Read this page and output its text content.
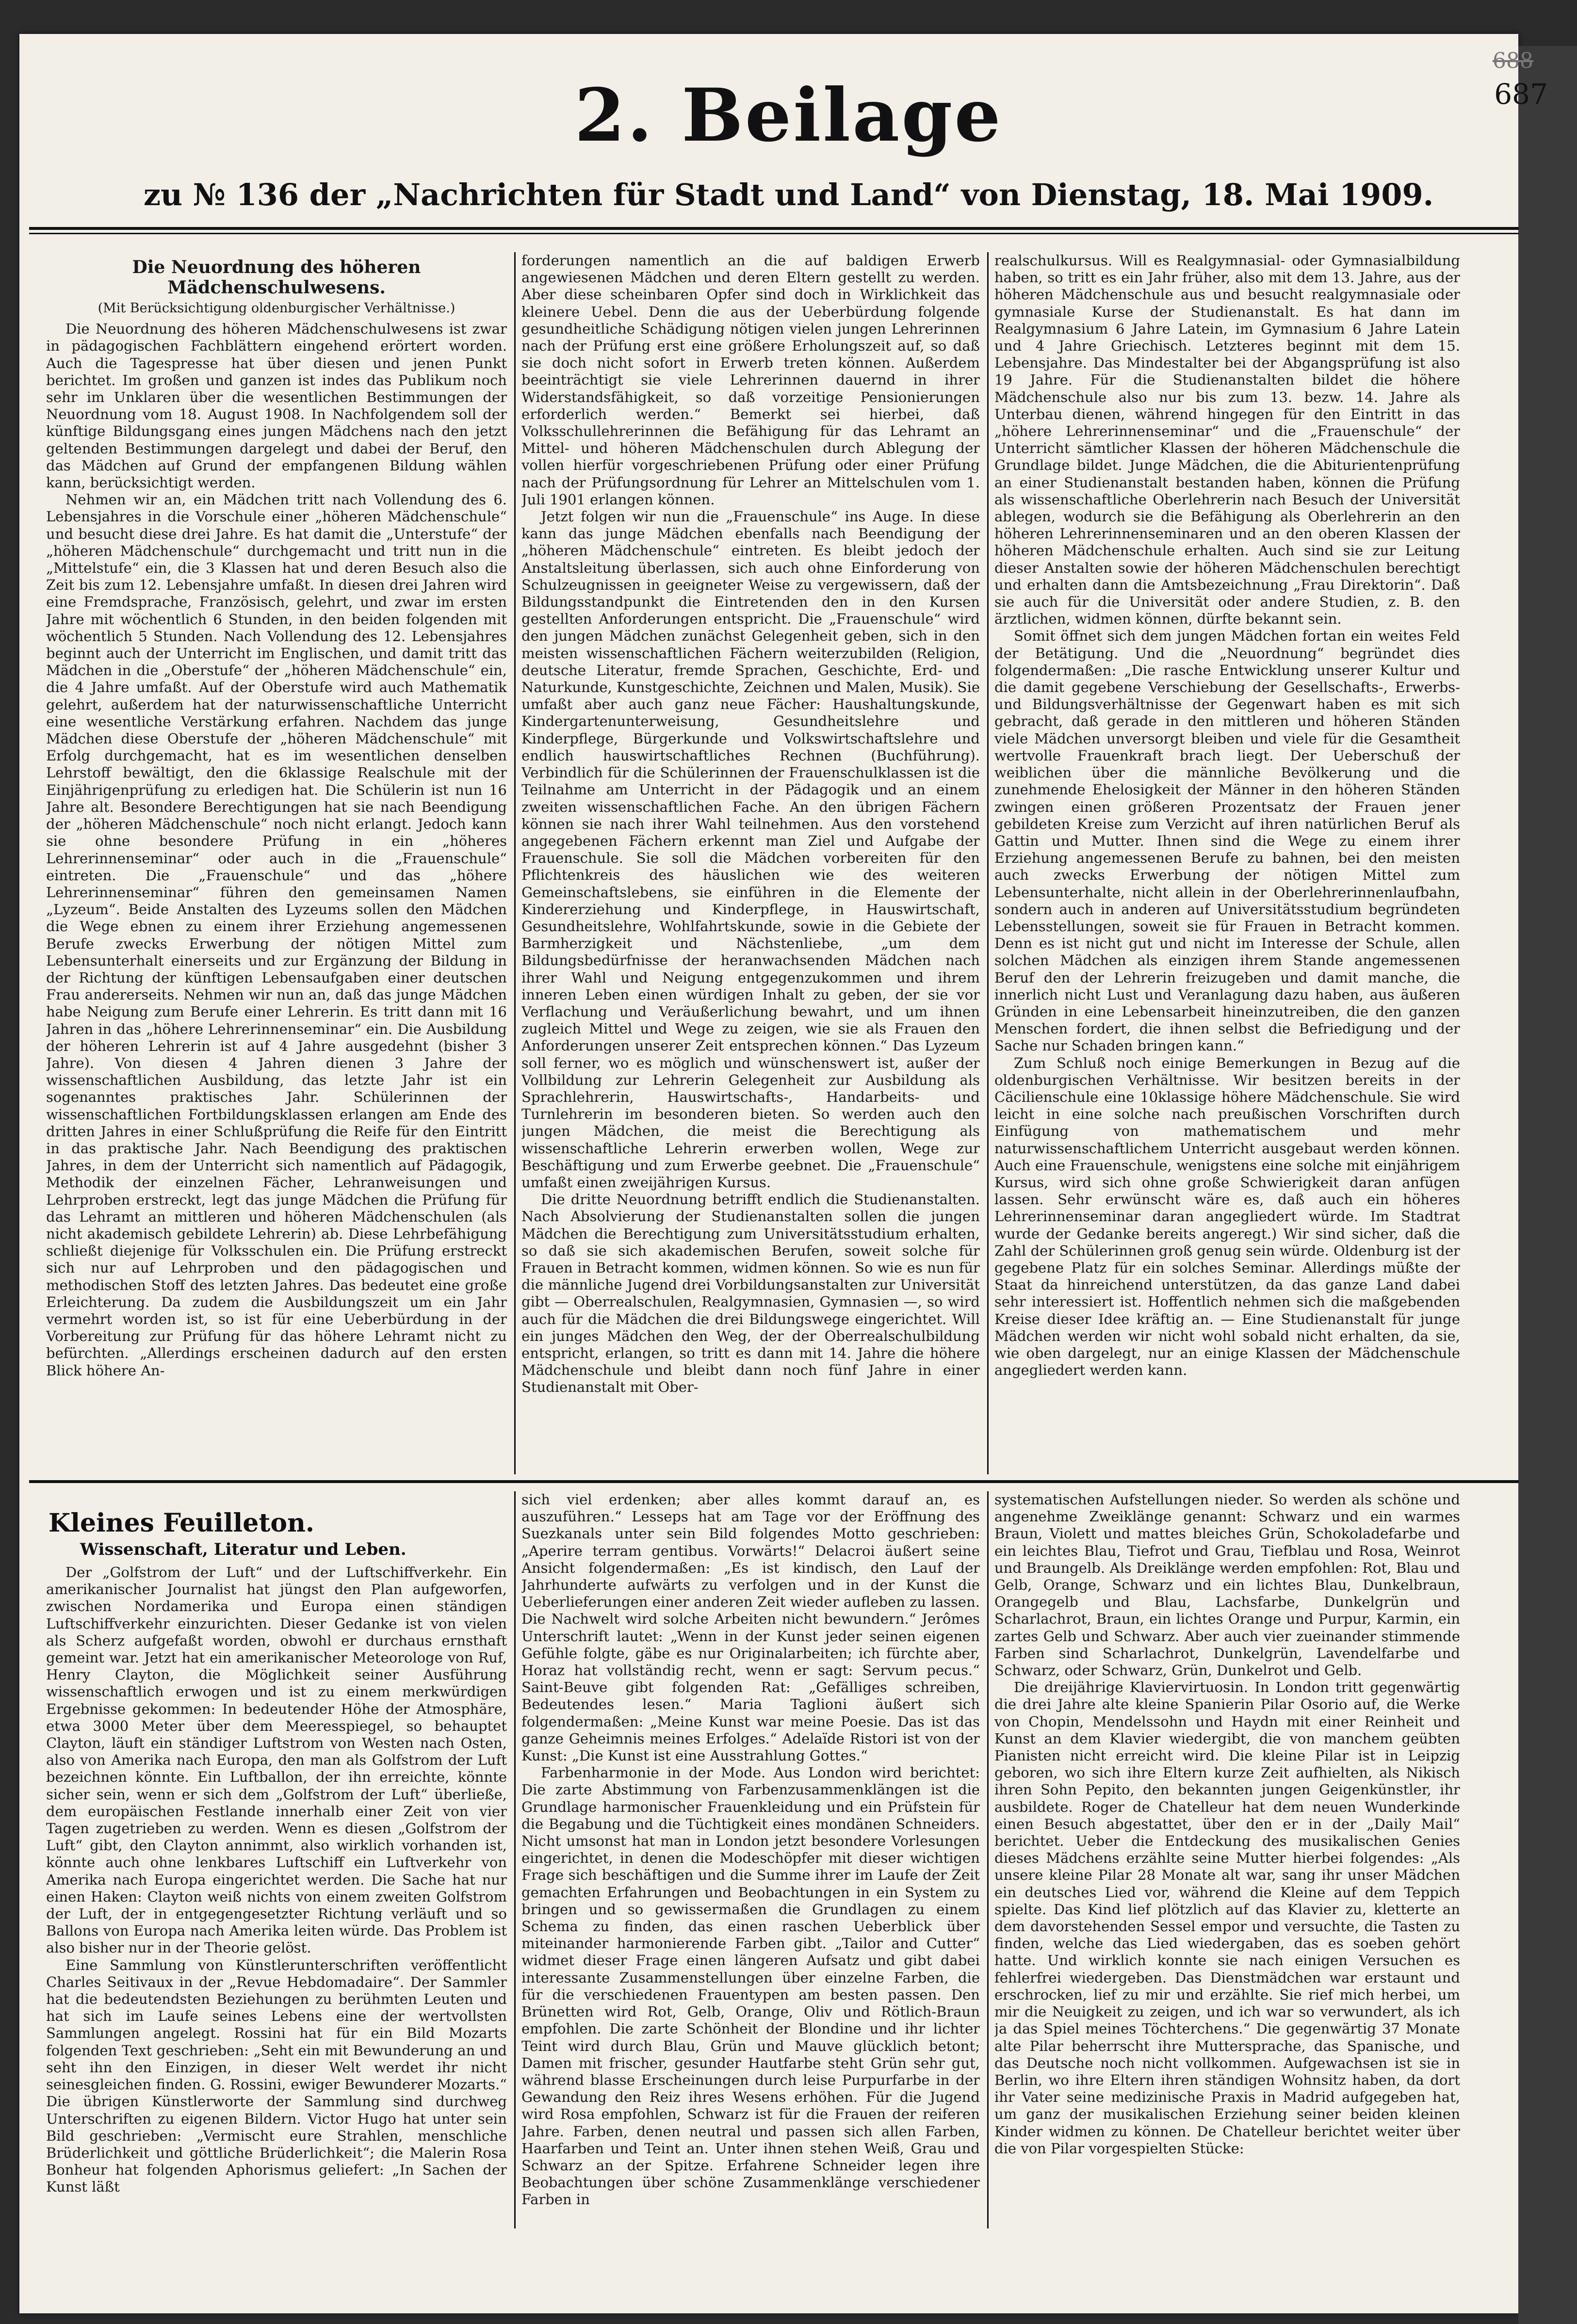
688
687
2. Beilage
zu № 136 der „Nachrichten für Stadt und Land“ von Dienstag, 18. Mai 1909.
Die Neuordnung des höheren Mädchenschulwesens.
(Mit Berücksichtigung oldenburgischer Verhältnisse.)

Die Neuordnung des höheren Mädchenschulwesens ist zwar in pädagogischen Fachblättern eingehend erörtert worden. Auch die Tagespresse hat über diesen und jenen Punkt berichtet. Im großen und ganzen ist indes das Publikum noch sehr im Unklaren über die wesentlichen Bestimmungen der Neuordnung vom 18. August 1908. In Nachfolgendem soll der künftige Bildungsgang eines jungen Mädchens nach den jetzt geltenden Bestimmungen dargelegt und dabei der Beruf, den das Mädchen auf Grund der empfangenen Bildung wählen kann, berücksichtigt werden.

Nehmen wir an, ein Mädchen tritt nach Vollendung des 6. Lebensjahres in die Vorschule einer „höheren Mädchenschule“ und besucht diese drei Jahre. Es hat damit die „Unterstufe“ der „höheren Mädchenschule“ durchgemacht und tritt nun in die „Mittelstufe“ ein, die 3 Klassen hat und deren Besuch also die Zeit bis zum 12. Lebensjahre umfaßt. In diesen drei Jahren wird eine Fremdsprache, Französisch, gelehrt, und zwar im ersten Jahre mit wöchentlich 6 Stunden, in den beiden folgenden mit wöchentlich 5 Stunden. Nach Vollendung des 12. Lebensjahres beginnt auch der Unterricht im Englischen, und damit tritt das Mädchen in die „Oberstufe“ der „höheren Mädchenschule“ ein, die 4 Jahre umfaßt. Auf der Oberstufe wird auch Mathematik gelehrt, außerdem hat der naturwissenschaftliche Unterricht eine wesentliche Verstärkung erfahren. Nachdem das junge Mädchen diese Oberstufe der „höheren Mädchenschule“ mit Erfolg durchgemacht, hat es im wesentlichen denselben Lehrstoff bewältigt, den die 6klassige Realschule mit der Einjährigenprüfung zu erledigen hat. Die Schülerin ist nun 16 Jahre alt. Besondere Berechtigungen hat sie nach Beendigung der „höheren Mädchenschule“ noch nicht erlangt. Jedoch kann sie ohne besondere Prüfung in ein „höheres Lehrerinnenseminar“ oder auch in die „Frauenschule“ eintreten. Die „Frauenschule“ und das „höhere Lehrerinnenseminar“ führen den gemeinsamen Namen „Lyzeum“. Beide Anstalten des Lyzeums sollen den Mädchen die Wege ebnen zu einem ihrer Erziehung angemessenen Berufe zwecks Erwerbung der nötigen Mittel zum Lebensunterhalt einerseits und zur Ergänzung der Bildung in der Richtung der künftigen Lebensaufgaben einer deutschen Frau andererseits. Nehmen wir nun an, daß das junge Mädchen habe Neigung zum Berufe einer Lehrerin. Es tritt dann mit 16 Jahren in das „höhere Lehrerinnenseminar“ ein. Die Ausbildung der höheren Lehrerin ist auf 4 Jahre ausgedehnt (bisher 3 Jahre). Von diesen 4 Jahren dienen 3 Jahre der wissenschaftlichen Ausbildung, das letzte Jahr ist ein sogenanntes praktisches Jahr. Schülerinnen der wissenschaftlichen Fortbildungsklassen erlangen am Ende des dritten Jahres in einer Schlußprüfung die Reife für den Eintritt in das praktische Jahr. Nach Beendigung des praktischen Jahres, in dem der Unterricht sich namentlich auf Pädagogik, Methodik der einzelnen Fächer, Lehranweisungen und Lehrproben erstreckt, legt das junge Mädchen die Prüfung für das Lehramt an mittleren und höheren Mädchenschulen (als nicht akademisch gebildete Lehrerin) ab. Diese Lehrbefähigung schließt diejenige für Volksschulen ein. Die Prüfung erstreckt sich nur auf Lehrproben und den pädagogischen und methodischen Stoff des letzten Jahres. Das bedeutet eine große Erleichterung. Da zudem die Ausbildungszeit um ein Jahr vermehrt worden ist, so ist für eine Ueberbürdung in der Vorbereitung zur Prüfung für das höhere Lehramt nicht zu befürchten. „Allerdings erscheinen dadurch auf den ersten Blick höhere An-

forderungen namentlich an die auf baldigen Erwerb angewiesenen Mädchen und deren Eltern gestellt zu werden. Aber diese scheinbaren Opfer sind doch in Wirklichkeit das kleinere Uebel. Denn die aus der Ueberbürdung folgende gesundheitliche Schädigung nötigen vielen jungen Lehrerinnen nach der Prüfung erst eine größere Erholungszeit auf, so daß sie doch nicht sofort in Erwerb treten können. Außerdem beeinträchtigt sie viele Lehrerinnen dauernd in ihrer Widerstandsfähigkeit, so daß vorzeitige Pensionierungen erforderlich werden.“ Bemerkt sei hierbei, daß Volksschullehrerinnen die Befähigung für das Lehramt an Mittel- und höheren Mädchenschulen durch Ablegung der vollen hierfür vorgeschriebenen Prüfung oder einer Prüfung nach der Prüfungsordnung für Lehrer an Mittelschulen vom 1. Juli 1901 erlangen können.

Jetzt folgen wir nun die „Frauenschule“ ins Auge. In diese kann das junge Mädchen ebenfalls nach Beendigung der „höheren Mädchenschule“ eintreten. Es bleibt jedoch der Anstaltsleitung überlassen, sich auch ohne Einforderung von Schulzeugnissen in geeigneter Weise zu vergewissern, daß der Bildungsstandpunkt die Eintretenden den in den Kursen gestellten Anforderungen entspricht. Die „Frauenschule“ wird den jungen Mädchen zunächst Gelegenheit geben, sich in den meisten wissenschaftlichen Fächern weiterzubilden (Religion, deutsche Literatur, fremde Sprachen, Geschichte, Erd- und Naturkunde, Kunstgeschichte, Zeichnen und Malen, Musik). Sie umfaßt aber auch ganz neue Fächer: Haushaltungskunde, Kindergartenunterweisung, Gesundheitslehre und Kinderpflege, Bürgerkunde und Volkswirtschaftslehre und endlich hauswirtschaftliches Rechnen (Buchführung). Verbindlich für die Schülerinnen der Frauenschulklassen ist die Teilnahme am Unterricht in der Pädagogik und an einem zweiten wissenschaftlichen Fache. An den übrigen Fächern können sie nach ihrer Wahl teilnehmen. Aus den vorstehend angegebenen Fächern erkennt man Ziel und Aufgabe der Frauenschule. Sie soll die Mädchen vorbereiten für den Pflichtenkreis des häuslichen wie des weiteren Gemeinschaftslebens, sie einführen in die Elemente der Kindererziehung und Kinderpflege, in Hauswirtschaft, Gesundheitslehre, Wohlfahrtskunde, sowie in die Gebiete der Barmherzigkeit und Nächstenliebe, „um dem Bildungsbedürfnisse der heranwachsenden Mädchen nach ihrer Wahl und Neigung entgegenzukommen und ihrem inneren Leben einen würdigen Inhalt zu geben, der sie vor Verflachung und Veräußerlichung bewahrt, und um ihnen zugleich Mittel und Wege zu zeigen, wie sie als Frauen den Anforderungen unserer Zeit entsprechen können.“ Das Lyzeum soll ferner, wo es möglich und wünschenswert ist, außer der Vollbildung zur Lehrerin Gelegenheit zur Ausbildung als Sprachlehrerin, Hauswirtschafts-, Handarbeits- und Turnlehrerin im besonderen bieten. So werden auch den jungen Mädchen, die meist die Berechtigung als wissenschaftliche Lehrerin erwerben wollen, Wege zur Beschäftigung und zum Erwerbe geebnet. Die „Frauenschule“ umfaßt einen zweijährigen Kursus.

Die dritte Neuordnung betrifft endlich die Studienanstalten. Nach Absolvierung der Studienanstalten sollen die jungen Mädchen die Berechtigung zum Universitätsstudium erhalten, so daß sie sich akademischen Berufen, soweit solche für Frauen in Betracht kommen, widmen können. So wie es nun für die männliche Jugend drei Vorbildungsanstalten zur Universität gibt — Oberrealschulen, Realgymnasien, Gymnasien —, so wird auch für die Mädchen die drei Bildungswege eingerichtet. Will ein junges Mädchen den Weg, der der Oberrealschulbildung entspricht, erlangen, so tritt es dann mit 14. Jahre die höhere Mädchenschule und bleibt dann noch fünf Jahre in einer Studienanstalt mit Ober-

realschulkursus. Will es Realgymnasial- oder Gymnasialbildung haben, so tritt es ein Jahr früher, also mit dem 13. Jahre, aus der höheren Mädchenschule aus und besucht realgymnasiale oder gymnasiale Kurse der Studienanstalt. Es hat dann im Realgymnasium 6 Jahre Latein, im Gymnasium 6 Jahre Latein und 4 Jahre Griechisch. Letzteres beginnt mit dem 15. Lebensjahre. Das Mindestalter bei der Abgangsprüfung ist also 19 Jahre. Für die Studienanstalten bildet die höhere Mädchenschule also nur bis zum 13. bezw. 14. Jahre als Unterbau dienen, während hingegen für den Eintritt in das „höhere Lehrerinnenseminar“ und die „Frauenschule“ der Unterricht sämtlicher Klassen der höheren Mädchenschule die Grundlage bildet. Junge Mädchen, die die Abiturientenprüfung an einer Studienanstalt bestanden haben, können die Prüfung als wissenschaftliche Oberlehrerin nach Besuch der Universität ablegen, wodurch sie die Befähigung als Oberlehrerin an den höheren Lehrerinnenseminaren und an den oberen Klassen der höheren Mädchenschule erhalten. Auch sind sie zur Leitung dieser Anstalten sowie der höheren Mädchenschulen berechtigt und erhalten dann die Amtsbezeichnung „Frau Direktorin“. Daß sie auch für die Universität oder andere Studien, z. B. den ärztlichen, widmen können, dürfte bekannt sein.

Somit öffnet sich dem jungen Mädchen fortan ein weites Feld der Betätigung. Und die „Neuordnung“ begründet dies folgendermaßen: „Die rasche Entwicklung unserer Kultur und die damit gegebene Verschiebung der Gesellschafts-, Erwerbs- und Bildungsverhältnisse der Gegenwart haben es mit sich gebracht, daß gerade in den mittleren und höheren Ständen viele Mädchen unversorgt bleiben und viele für die Gesamtheit wertvolle Frauenkraft brach liegt. Der Ueberschuß der weiblichen über die männliche Bevölkerung und die zunehmende Ehelosigkeit der Männer in den höheren Ständen zwingen einen größeren Prozentsatz der Frauen jener gebildeten Kreise zum Verzicht auf ihren natürlichen Beruf als Gattin und Mutter. Ihnen sind die Wege zu einem ihrer Erziehung angemessenen Berufe zu bahnen, bei den meisten auch zwecks Erwerbung der nötigen Mittel zum Lebensunterhalte, nicht allein in der Oberlehrerinnenlaufbahn, sondern auch in anderen auf Universitätsstudium begründeten Lebensstellungen, soweit sie für Frauen in Betracht kommen. Denn es ist nicht gut und nicht im Interesse der Schule, allen solchen Mädchen als einzigen ihrem Stande angemessenen Beruf den der Lehrerin freizugeben und damit manche, die innerlich nicht Lust und Veranlagung dazu haben, aus äußeren Gründen in eine Lebensarbeit hineinzutreiben, die den ganzen Menschen fordert, die ihnen selbst die Befriedigung und der Sache nur Schaden bringen kann.“

Zum Schluß noch einige Bemerkungen in Bezug auf die oldenburgischen Verhältnisse. Wir besitzen bereits in der Cäcilienschule eine 10klassige höhere Mädchenschule. Sie wird leicht in eine solche nach preußischen Vorschriften durch Einfügung von mathematischem und mehr naturwissenschaftlichem Unterricht ausgebaut werden können. Auch eine Frauenschule, wenigstens eine solche mit einjährigem Kursus, wird sich ohne große Schwierigkeit daran anfügen lassen. Sehr erwünscht wäre es, daß auch ein höheres Lehrerinnenseminar daran angegliedert würde. Im Stadtrat wurde der Gedanke bereits angeregt.) Wir sind sicher, daß die Zahl der Schülerinnen groß genug sein würde. Oldenburg ist der gegebene Platz für ein solches Seminar. Allerdings müßte der Staat da hinreichend unterstützen, da das ganze Land dabei sehr interessiert ist. Hoffentlich nehmen sich die maßgebenden Kreise dieser Idee kräftig an. — Eine Studienanstalt für junge Mädchen werden wir nicht wohl sobald nicht erhalten, da sie, wie oben dargelegt, nur an einige Klassen der Mädchenschule angegliedert werden kann.

Kleines Feuilleton.
Wissenschaft, Literatur und Leben.

Der „Golfstrom der Luft“ und der Luftschiffverkehr. Ein amerikanischer Journalist hat jüngst den Plan aufgeworfen, zwischen Nordamerika und Europa einen ständigen Luftschiffverkehr einzurichten. Dieser Gedanke ist von vielen als Scherz aufgefaßt worden, obwohl er durchaus ernsthaft gemeint war. Jetzt hat ein amerikanischer Meteorologe von Ruf, Henry Clayton, die Möglichkeit seiner Ausführung wissenschaftlich erwogen und ist zu einem merkwürdigen Ergebnisse gekommen: In bedeutender Höhe der Atmosphäre, etwa 3000 Meter über dem Meeresspiegel, so behauptet Clayton, läuft ein ständiger Luftstrom von Westen nach Osten, also von Amerika nach Europa, den man als Golfstrom der Luft bezeichnen könnte. Ein Luftballon, der ihn erreichte, könnte sicher sein, wenn er sich dem „Golfstrom der Luft“ überließe, dem europäischen Festlande innerhalb einer Zeit von vier Tagen zugetrieben zu werden. Wenn es diesen „Golfstrom der Luft“ gibt, den Clayton annimmt, also wirklich vorhanden ist, könnte auch ohne lenkbares Luftschiff ein Luftverkehr von Amerika nach Europa eingerichtet werden. Die Sache hat nur einen Haken: Clayton weiß nichts von einem zweiten Golfstrom der Luft, der in entgegengesetzter Richtung verläuft und so Ballons von Europa nach Amerika leiten würde. Das Problem ist also bisher nur in der Theorie gelöst.

Eine Sammlung von Künstlerunterschriften veröffentlicht Charles Seitivaux in der „Revue Hebdomadaire“. Der Sammler hat die bedeutendsten Beziehungen zu berühmten Leuten und hat sich im Laufe seines Lebens eine der wertvollsten Sammlungen angelegt. Rossini hat für ein Bild Mozarts folgenden Text geschrieben: „Seht ein mit Bewunderung an und seht ihn den Einzigen, in dieser Welt werdet ihr nicht seinesgleichen finden. G. Rossini, ewiger Bewunderer Mozarts.“ Die übrigen Künstlerworte der Sammlung sind durchweg Unterschriften zu eigenen Bildern. Victor Hugo hat unter sein Bild geschrieben: „Vermischt eure Strahlen, menschliche Brüderlichkeit und göttliche Brüderlichkeit“; die Malerin Rosa Bonheur hat folgenden Aphorismus geliefert: „In Sachen der Kunst läßt

sich viel erdenken; aber alles kommt darauf an, es auszuführen.“ Lesseps hat am Tage vor der Eröffnung des Suezkanals unter sein Bild folgendes Motto geschrieben: „Aperire terram gentibus. Vorwärts!“ Delacroi äußert seine Ansicht folgendermaßen: „Es ist kindisch, den Lauf der Jahrhunderte aufwärts zu verfolgen und in der Kunst die Ueberlieferungen einer anderen Zeit wieder aufleben zu lassen. Die Nachwelt wird solche Arbeiten nicht bewundern.“ Jerômes Unterschrift lautet: „Wenn in der Kunst jeder seinen eigenen Gefühle folgte, gäbe es nur Originalarbeiten; ich fürchte aber, Horaz hat vollständig recht, wenn er sagt: Servum pecus.“ Saint-Beuve gibt folgenden Rat: „Gefälliges schreiben, Bedeutendes lesen.“ Maria Taglioni äußert sich folgendermaßen: „Meine Kunst war meine Poesie. Das ist das ganze Geheimnis meines Erfolges.“ Adelaïde Ristori ist von der Kunst: „Die Kunst ist eine Ausstrahlung Gottes.“

Farbenharmonie in der Mode. Aus London wird berichtet: Die zarte Abstimmung von Farbenzusammenklängen ist die Grundlage harmonischer Frauenkleidung und ein Prüfstein für die Begabung und die Tüchtigkeit eines mondänen Schneiders. Nicht umsonst hat man in London jetzt besondere Vorlesungen eingerichtet, in denen die Modeschöpfer mit dieser wichtigen Frage sich beschäftigen und die Summe ihrer im Laufe der Zeit gemachten Erfahrungen und Beobachtungen in ein System zu bringen und so gewissermaßen die Grundlagen zu einem Schema zu finden, das einen raschen Ueberblick über miteinander harmonierende Farben gibt. „Tailor and Cutter“ widmet dieser Frage einen längeren Aufsatz und gibt dabei interessante Zusammenstellungen über einzelne Farben, die für die verschiedenen Frauentypen am besten passen. Den Brünetten wird Rot, Gelb, Orange, Oliv und Rötlich-Braun empfohlen. Die zarte Schönheit der Blondine und ihr lichter Teint wird durch Blau, Grün und Mauve glücklich betont; Damen mit frischer, gesunder Hautfarbe steht Grün sehr gut, während blasse Erscheinungen durch leise Purpurfarbe in der Gewandung den Reiz ihres Wesens erhöhen. Für die Jugend wird Rosa empfohlen, Schwarz ist für die Frauen der reiferen Jahre. Farben, denen neutral und passen sich allen Farben, Haarfarben und Teint an. Unter ihnen stehen Weiß, Grau und Schwarz an der Spitze. Erfahrene Schneider legen ihre Beobachtungen über schöne Zusammenklänge verschiedener Farben in

systematischen Aufstellungen nieder. So werden als schöne und angenehme Zweiklänge genannt: Schwarz und ein warmes Braun, Violett und mattes bleiches Grün, Schokoladefarbe und ein leichtes Blau, Tiefrot und Grau, Tiefblau und Rosa, Weinrot und Braungelb. Als Dreiklänge werden empfohlen: Rot, Blau und Gelb, Orange, Schwarz und ein lichtes Blau, Dunkelbraun, Orangegelb und Blau, Lachsfarbe, Dunkelgrün und Scharlachrot, Braun, ein lichtes Orange und Purpur, Karmin, ein zartes Gelb und Schwarz. Aber auch vier zueinander stimmende Farben sind Scharlachrot, Dunkelgrün, Lavendelfarbe und Schwarz, oder Schwarz, Grün, Dunkelrot und Gelb.

Die dreijährige Klaviervirtuosin. In London tritt gegenwärtig die drei Jahre alte kleine Spanierin Pilar Osorio auf, die Werke von Chopin, Mendelssohn und Haydn mit einer Reinheit und Kunst an dem Klavier wiedergibt, die von manchem geübten Pianisten nicht erreicht wird. Die kleine Pilar ist in Leipzig geboren, wo sich ihre Eltern kurze Zeit aufhielten, als Nikisch ihren Sohn Pepito, den bekannten jungen Geigenkünstler, ihr ausbildete. Roger de Chatelleur hat dem neuen Wunderkinde einen Besuch abgestattet, über den er in der „Daily Mail“ berichtet. Ueber die Entdeckung des musikalischen Genies dieses Mädchens erzählte seine Mutter hierbei folgendes: „Als unsere kleine Pilar 28 Monate alt war, sang ihr unser Mädchen ein deutsches Lied vor, während die Kleine auf dem Teppich spielte. Das Kind lief plötzlich auf das Klavier zu, kletterte an dem davorstehenden Sessel empor und versuchte, die Tasten zu finden, welche das Lied wiedergaben, das es soeben gehört hatte. Und wirklich konnte sie nach einigen Versuchen es fehlerfrei wiedergeben. Das Dienstmädchen war erstaunt und erschrocken, lief zu mir und erzählte. Sie rief mich herbei, um mir die Neuigkeit zu zeigen, und ich war so verwundert, als ich ja das Spiel meines Töchterchens.“ Die gegenwärtig 37 Monate alte Pilar beherrscht ihre Muttersprache, das Spanische, und das Deutsche noch nicht vollkommen. Aufgewachsen ist sie in Berlin, wo ihre Eltern ihren ständigen Wohnsitz haben, da dort ihr Vater seine medizinische Praxis in Madrid aufgegeben hat, um ganz der musikalischen Erziehung seiner beiden kleinen Kinder widmen zu können. De Chatelleur berichtet weiter über die von Pilar vorgespielten Stücke:
